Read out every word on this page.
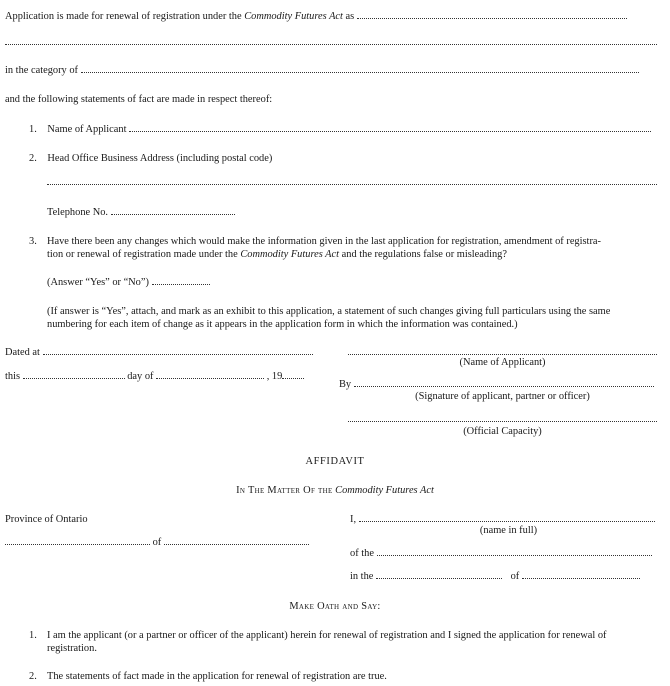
Application is made for renewal of registration under the Commodity Futures Act as
in the category of
and the following statements of fact are made in respect thereof:
1. Name of Applicant
2. Head Office Business Address (including postal code)
Telephone No.
3. Have there been any changes which would make the information given in the last application for registration, amendment of registra-
tion or renewal of registration made under the Commodity Futures Act and the regulations false or misleading?
(Answer “Yes” or “No”)
(If answer is “Yes”, attach, and mark as an exhibit to this application, a statement of such changes giving full particulars using the same
numbering for each item of change as it appears in the application form in which the information was contained.)
Dated at
(Name of Applicant)
this	day of	, 19
By
(Signature of applicant, partner or officer)
(Official Capacity)
AFFIDAVIT
In The Matter Of the Commodity Futures Act
Province of Ontario	I,
(name in full)
of
of the
in the	of
Make Oath and Say:
1. I am the applicant (or a partner or officer of the applicant) herein for renewal of registration and I signed the application for renewal of
registration.
2. The statements of fact made in the application for renewal of registration are true.
